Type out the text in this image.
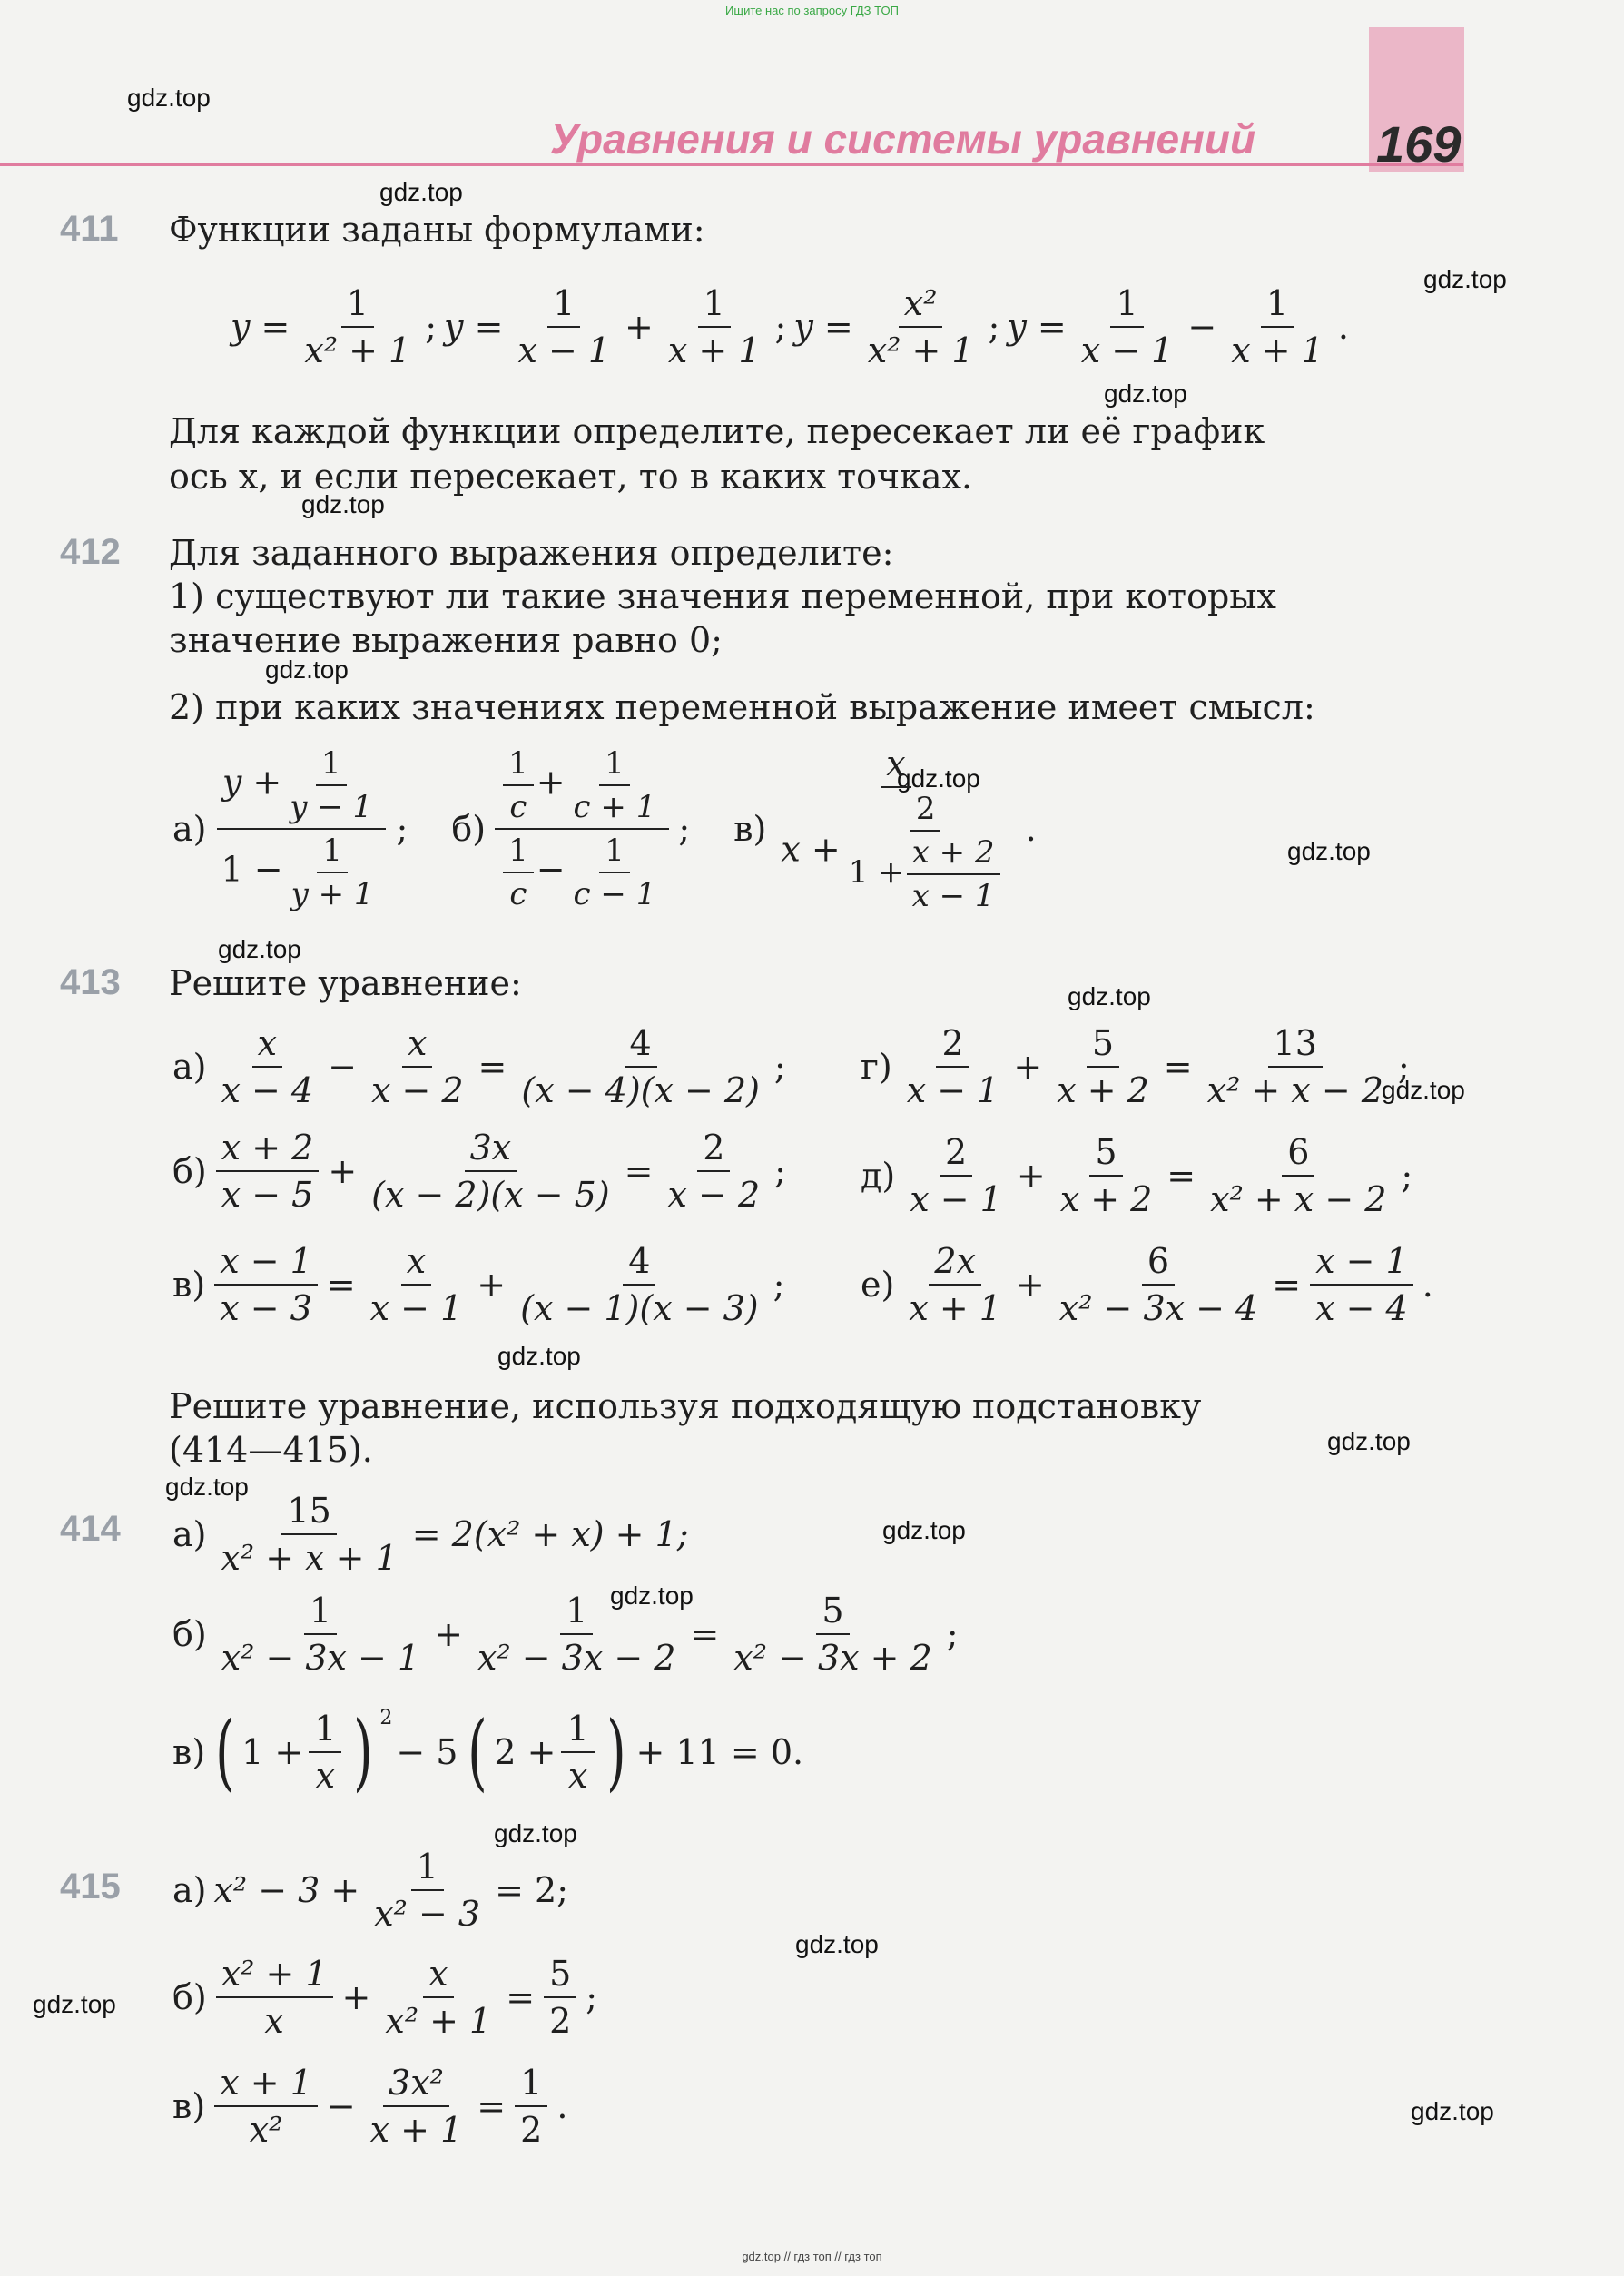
Ищите нас по запросу ГДЗ ТОП
Уравнения и системы уравнений 169
gdz.top
gdz.top
gdz.top
gdz.top
gdz.top
gdz.top
gdz.top
gdz.top
gdz.top
gdz.top
gdz.top
gdz.top
gdz.top
gdz.top
gdz.top
gdz.top
gdz.top
gdz.top
gdz.top
gdz.top
411 Функции заданы формулами:
$y = \frac{1}{\text{x² + 1}}$ ; $y = \frac{1}{x - 1} + \frac{1}{x + 1}$ ; $y = \frac{\text{x²}}{\text{x² + 1}}$ ; $y = \frac{1}{x - 1} - \frac{1}{x + 1}$ .
Для каждой функции определите, пересекает ли её график
ось x, и если пересекает, то в каких точках.
412 Для заданного выражения определите:
1) существуют ли такие значения переменной, при которых
значение выражения равно 0;
2) при каких значениях переменной выражение имеет смысл:
$а) \frac{y + \frac{1}{y - 1}}{1 - \frac{1}{y + 1}}$ ; $б) \frac{\frac{1}{c} + \frac{1}{c + 1}}{\frac{1}{c} - \frac{1}{c - 1}}$ ; $в) \frac{x}{x + \frac{2}{1 + \frac{x + 2}{x - 1}}}$ .
413 Решите уравнение:
$а) \frac{x}{x - 4} - \frac{x}{x - 2} = \frac{4}{(x - 4)(x - 2)}$ ;
$б) \frac{x + 2}{x - 5} + \frac{3x}{(x - 2)(x - 5)} = \frac{2}{x - 2}$ ;
$в) \frac{x - 1}{x - 3} = \frac{x}{x - 1} + \frac{4}{(x - 1)(x - 3)}$ ;
$г) \frac{2}{x - 1} + \frac{5}{x + 2} = \frac{13}{\text{x² + x − 2}}$ ;
$д) \frac{2}{x - 1} + \frac{5}{x + 2} = \frac{6}{\text{x² + x − 2}}$ ;
$е) \frac{2x}{x + 1} + \frac{6}{\text{x² − 3x − 4}} = \frac{x - 1}{x - 4}$ .
Решите уравнение, используя подходящую подстановку
(414—415).
414 $а) \frac{15}{\text{x² + x + 1}} = 2(x^2 + x) + 1$;
$б) \frac{1}{\text{x² − 3x − 1}} + \frac{1}{\text{x² − 3x − 2}} = \frac{5}{\text{x² − 3x + 2}}$ ;
в) ( $1 + \frac{1}{x}$ ) $^2$
− 5 ( $2 + \frac{1}{x}$ ) + 11 = 0.
415 а) $x^2 - 3 + \frac{1}{\text{x² − 3}} = 2$;
$б) \frac{\text{x² + 1}}{x} + \frac{x}{\text{x² + 1}} = \frac{5}{2}$ ;
$в) \frac{x + 1}{\text{x²}} - \frac{\text{3x²}}{x + 1} = \frac{1}{2}$ .
gdz.top // гдз топ // гдз топ
